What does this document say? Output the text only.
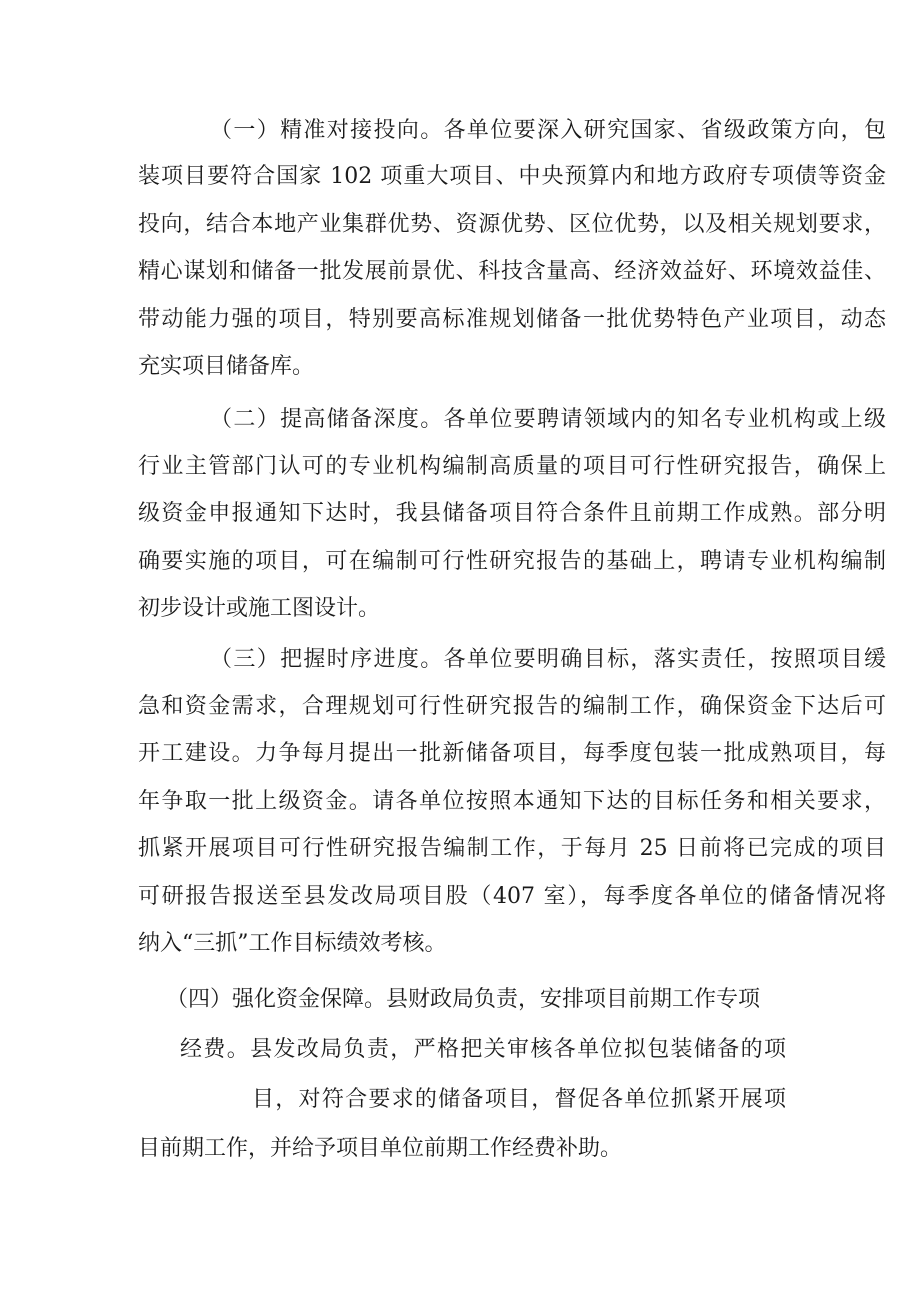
（一）精准对接投向。各单位要深入研究国家、省级政策方向，包
装项目要符合国家 102 项重大项目、中央预算内和地方政府专项债等资金
投向，结合本地产业集群优势、资源优势、区位优势，以及相关规划要求，
精心谋划和储备一批发展前景优、科技含量高、经济效益好、环境效益佳、
带动能力强的项目，特别要高标准规划储备一批优势特色产业项目，动态
充实项目储备库。
（二）提高储备深度。各单位要聘请领域内的知名专业机构或上级
行业主管部门认可的专业机构编制高质量的项目可行性研究报告，确保上
级资金申报通知下达时，我县储备项目符合条件且前期工作成熟。部分明
确要实施的项目，可在编制可行性研究报告的基础上，聘请专业机构编制
初步设计或施工图设计。
（三）把握时序进度。各单位要明确目标，落实责任，按照项目缓
急和资金需求，合理规划可行性研究报告的编制工作，确保资金下达后可
开工建设。力争每月提出一批新储备项目，每季度包装一批成熟项目，每
年争取一批上级资金。请各单位按照本通知下达的目标任务和相关要求，
抓紧开展项目可行性研究报告编制工作，于每月 25 日前将已完成的项目
可研报告报送至县发改局项目股（407 室），每季度各单位的储备情况将
纳入“三抓”工作目标绩效考核。
（四）强化资金保障。县财政局负责，安排项目前期工作专项
经费。县发改局负责，严格把关审核各单位拟包装储备的项
目，对符合要求的储备项目，督促各单位抓紧开展项
目前期工作，并给予项目单位前期工作经费补助。
